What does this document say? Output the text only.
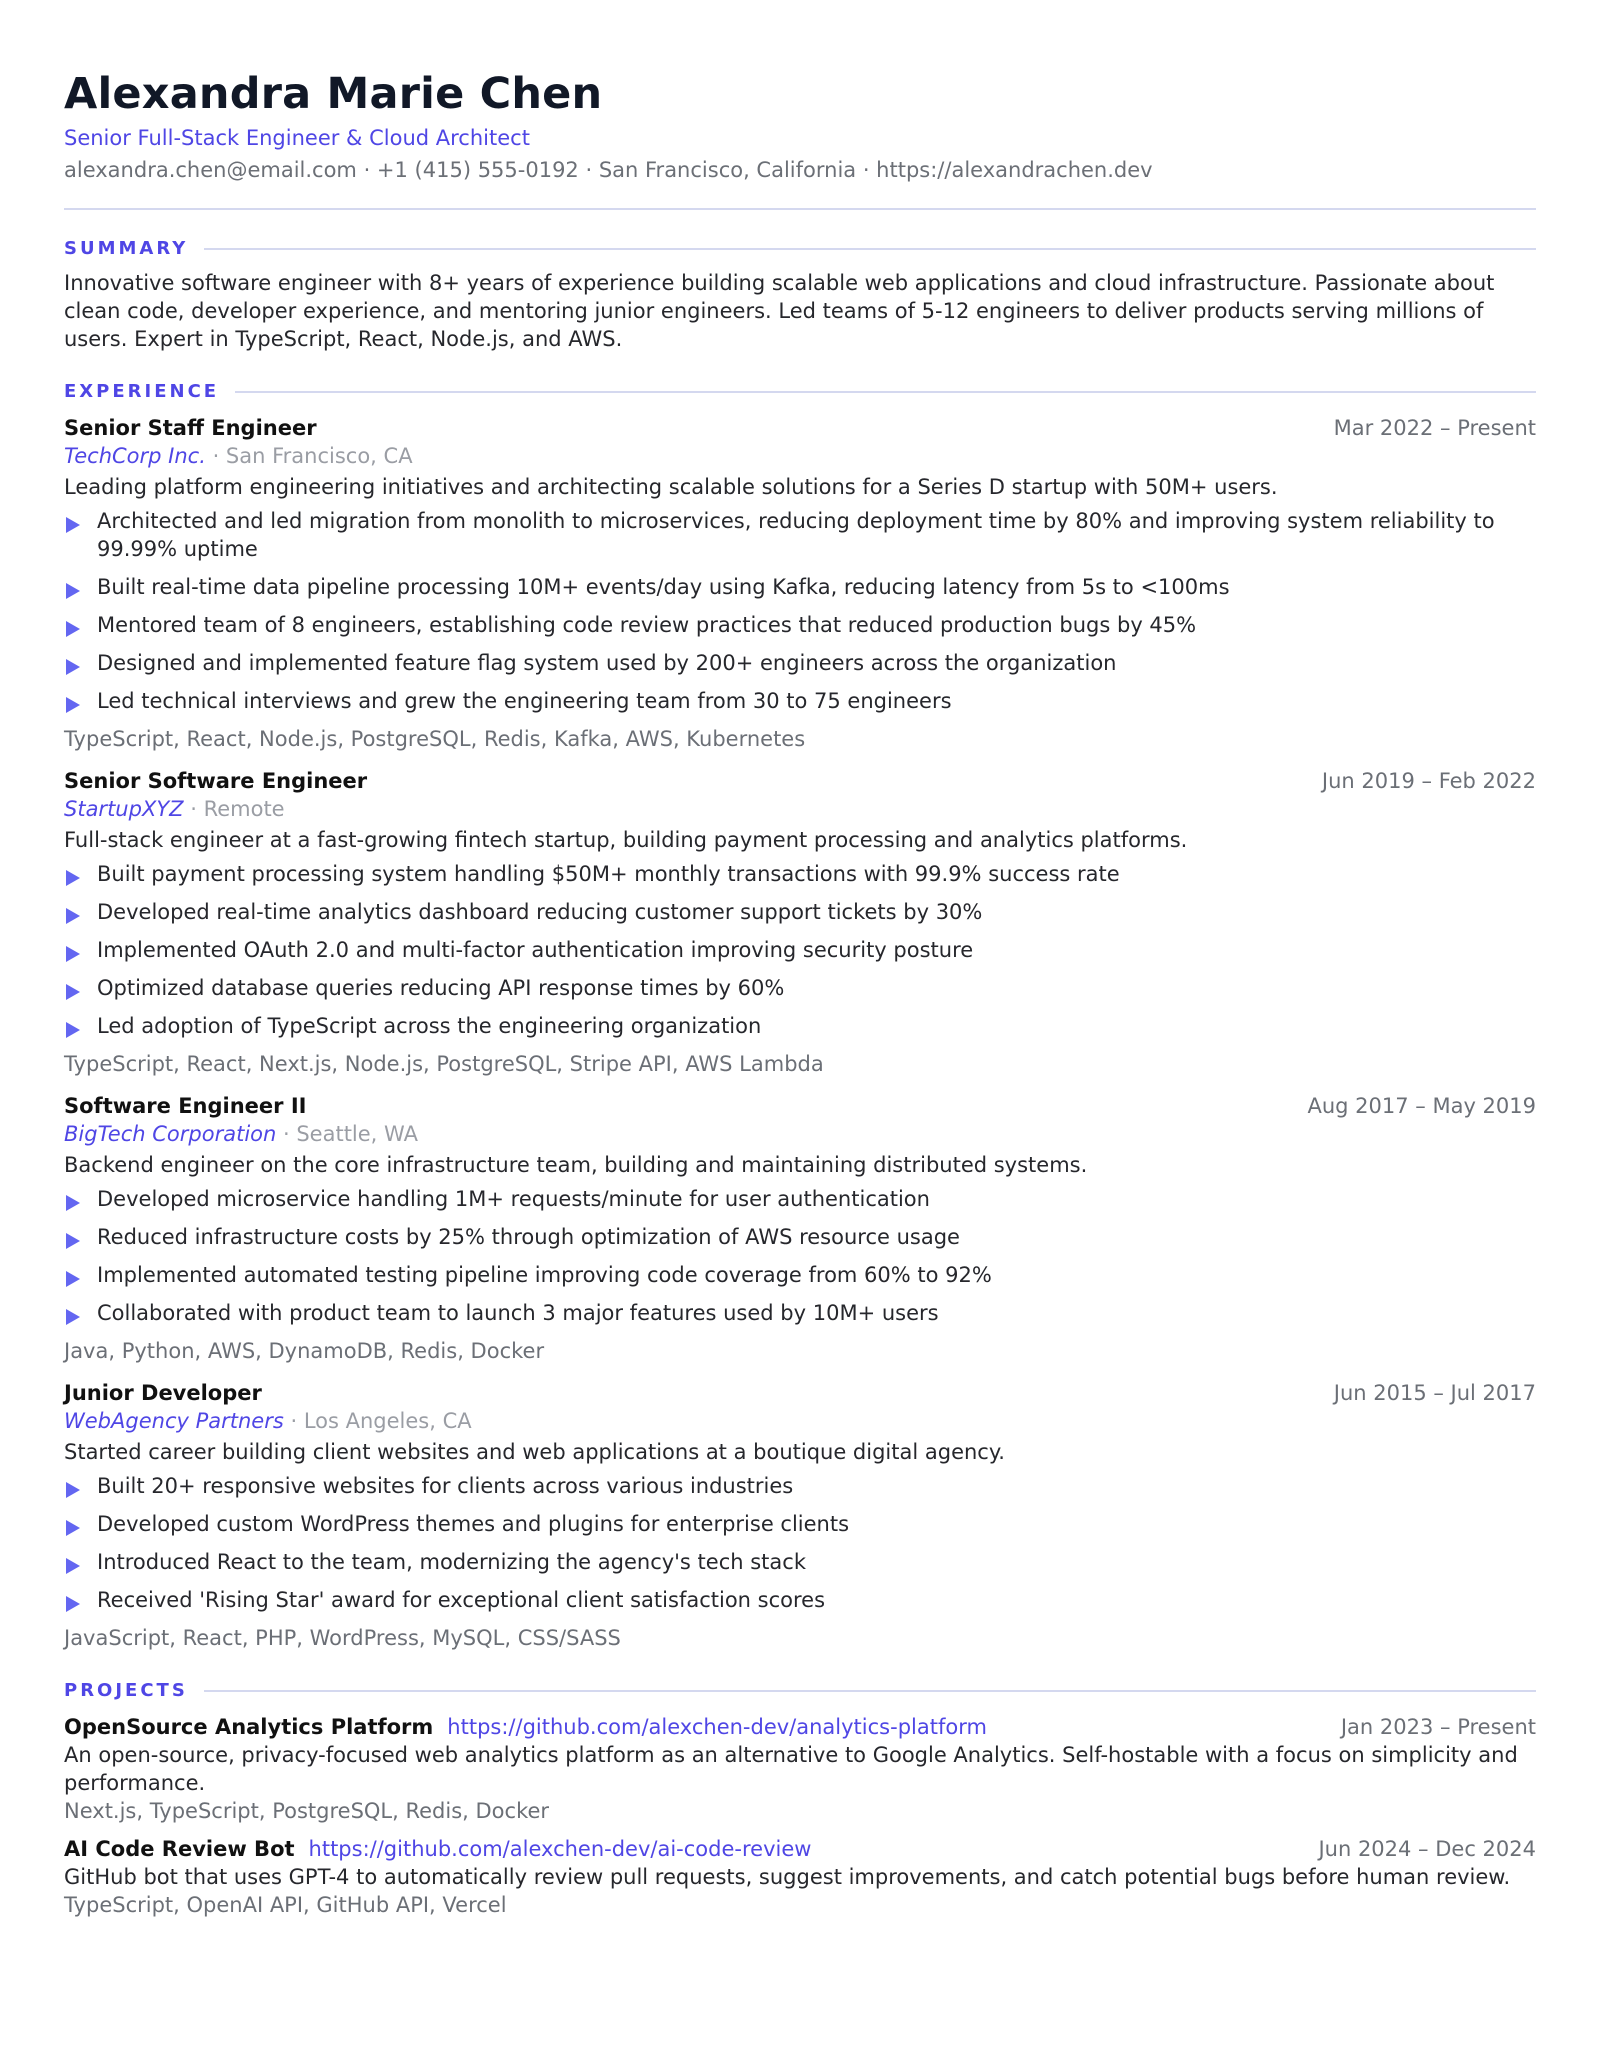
Alexandra Marie Chen
Senior Full-Stack Engineer & Cloud Architect
alexandra.chen@email.com · +1 (415) 555-0192 · San Francisco, California · https://alexandrachen.dev
SUMMARY
Innovative software engineer with 8+ years of experience building scalable web applications and cloud infrastructure. Passionate about clean code, developer experience, and mentoring junior engineers. Led teams of 5-12 engineers to deliver products serving millions of users. Expert in TypeScript, React, Node.js, and AWS.
EXPERIENCE
Senior Staff Engineer	Mar 2022 – Present
TechCorp Inc. · San Francisco, CA
Leading platform engineering initiatives and architecting scalable solutions for a Series D startup with 50M+ users.
Architected and led migration from monolith to microservices, reducing deployment time by 80% and improving system reliability to 99.99% uptime
Built real-time data pipeline processing 10M+ events/day using Kafka, reducing latency from 5s to <100ms
Mentored team of 8 engineers, establishing code review practices that reduced production bugs by 45%
Designed and implemented feature flag system used by 200+ engineers across the organization
Led technical interviews and grew the engineering team from 30 to 75 engineers
TypeScript, React, Node.js, PostgreSQL, Redis, Kafka, AWS, Kubernetes
Senior Software Engineer	Jun 2019 – Feb 2022
StartupXYZ · Remote
Full-stack engineer at a fast-growing fintech startup, building payment processing and analytics platforms.
Built payment processing system handling $50M+ monthly transactions with 99.9% success rate
Developed real-time analytics dashboard reducing customer support tickets by 30%
Implemented OAuth 2.0 and multi-factor authentication improving security posture
Optimized database queries reducing API response times by 60%
Led adoption of TypeScript across the engineering organization
TypeScript, React, Next.js, Node.js, PostgreSQL, Stripe API, AWS Lambda
Software Engineer II	Aug 2017 – May 2019
BigTech Corporation · Seattle, WA
Backend engineer on the core infrastructure team, building and maintaining distributed systems.
Developed microservice handling 1M+ requests/minute for user authentication
Reduced infrastructure costs by 25% through optimization of AWS resource usage
Implemented automated testing pipeline improving code coverage from 60% to 92%
Collaborated with product team to launch 3 major features used by 10M+ users
Java, Python, AWS, DynamoDB, Redis, Docker
Junior Developer	Jun 2015 – Jul 2017
WebAgency Partners · Los Angeles, CA
Started career building client websites and web applications at a boutique digital agency.
Built 20+ responsive websites for clients across various industries
Developed custom WordPress themes and plugins for enterprise clients
Introduced React to the team, modernizing the agency's tech stack
Received 'Rising Star' award for exceptional client satisfaction scores
JavaScript, React, PHP, WordPress, MySQL, CSS/SASS
PROJECTS
OpenSource Analytics Platform https://github.com/alexchen-dev/analytics-platform	Jan 2023 – Present
An open-source, privacy-focused web analytics platform as an alternative to Google Analytics. Self-hostable with a focus on simplicity and performance.
Next.js, TypeScript, PostgreSQL, Redis, Docker
AI Code Review Bot https://github.com/alexchen-dev/ai-code-review	Jun 2024 – Dec 2024
GitHub bot that uses GPT-4 to automatically review pull requests, suggest improvements, and catch potential bugs before human review.
TypeScript, OpenAI API, GitHub API, Vercel
